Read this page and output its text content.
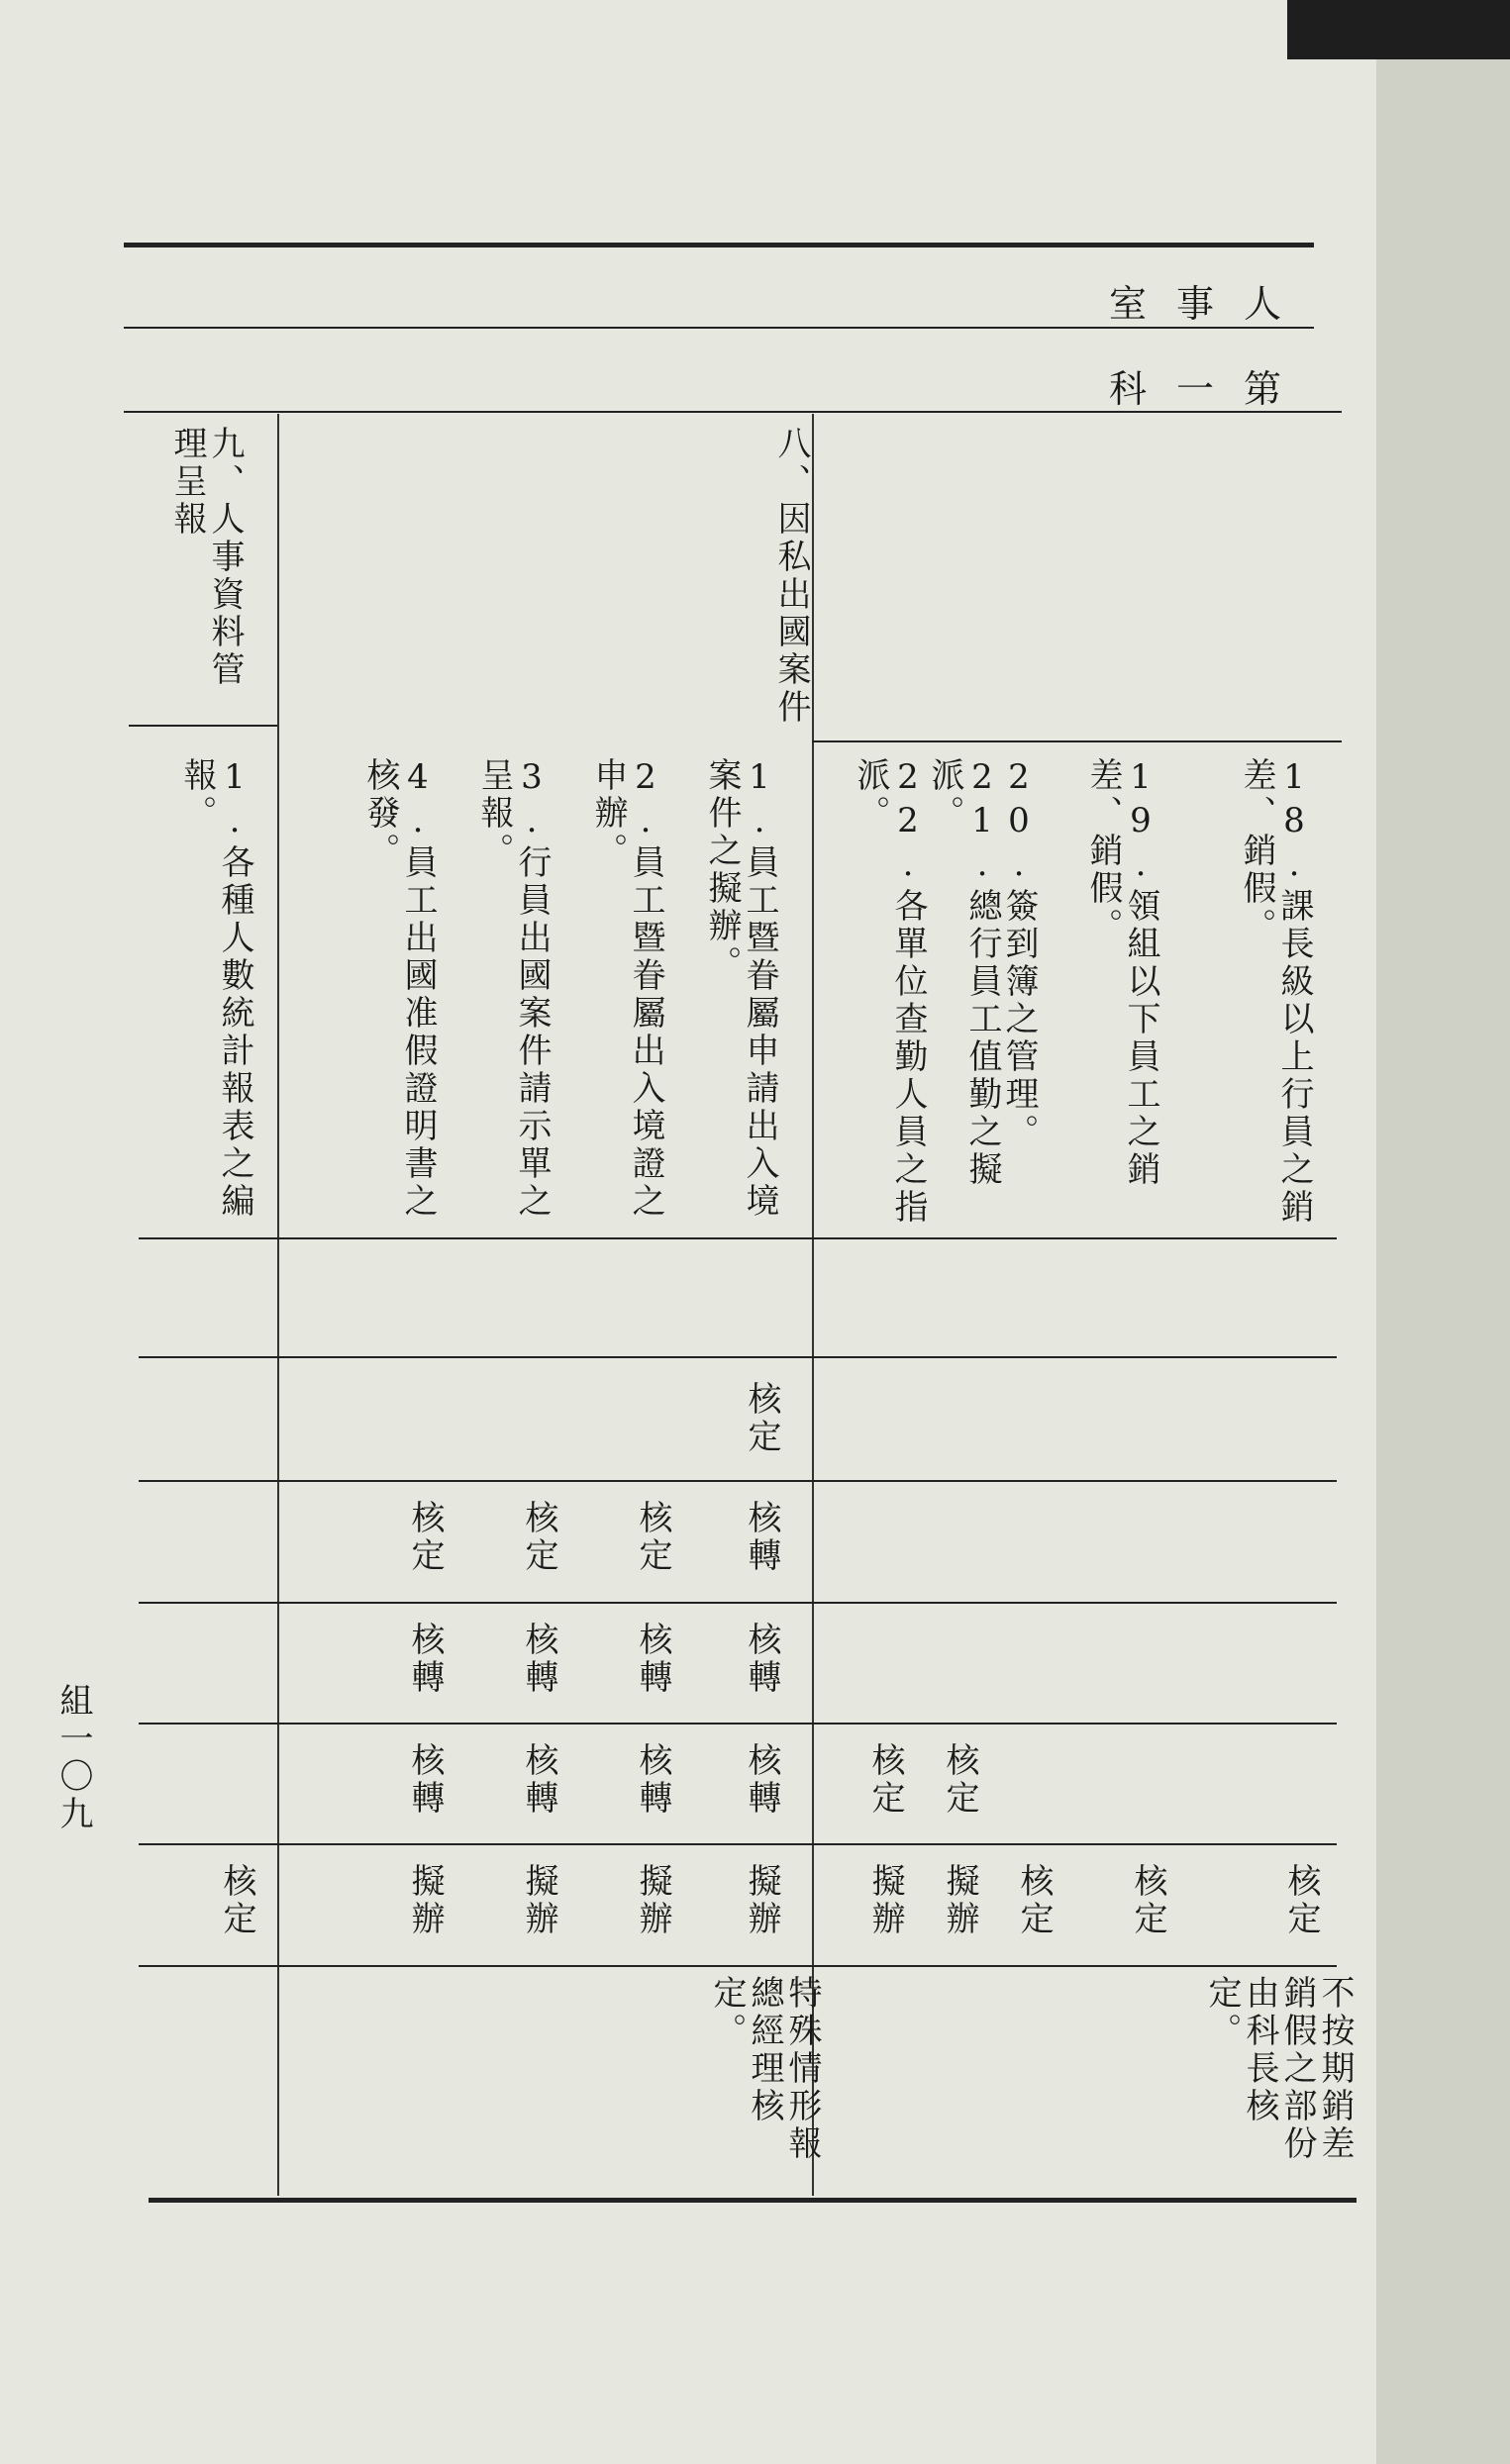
人事室
第一科
八、因私出國案件
九、人事資料管理呈報
18.課長級以上行員之銷差、銷假。
19.領組以下員工之銷差、銷假。
20.簽到簿之管理。
21.總行員工值勤之擬派。
22.各單位查勤人員之指派。
1.員工暨眷屬申請出入境案件之擬辦。
2.員工暨眷屬出入境證之申辦。
3.行員出國案件請示單之呈報。
4.員工出國准假證明書之核發。
1.各種人數統計報表之編報。
核定
核轉
核定
核定
核定
核轉
核轉
核轉
核轉
核轉
核轉
核轉
核轉	核定
核定
核定
核定
核定
擬辦
擬辦
擬辦
擬辦
擬辦
擬辦
核定
不按期銷差銷假之部份由科長核定。
特殊情形報總經理核定。
組一〇九
